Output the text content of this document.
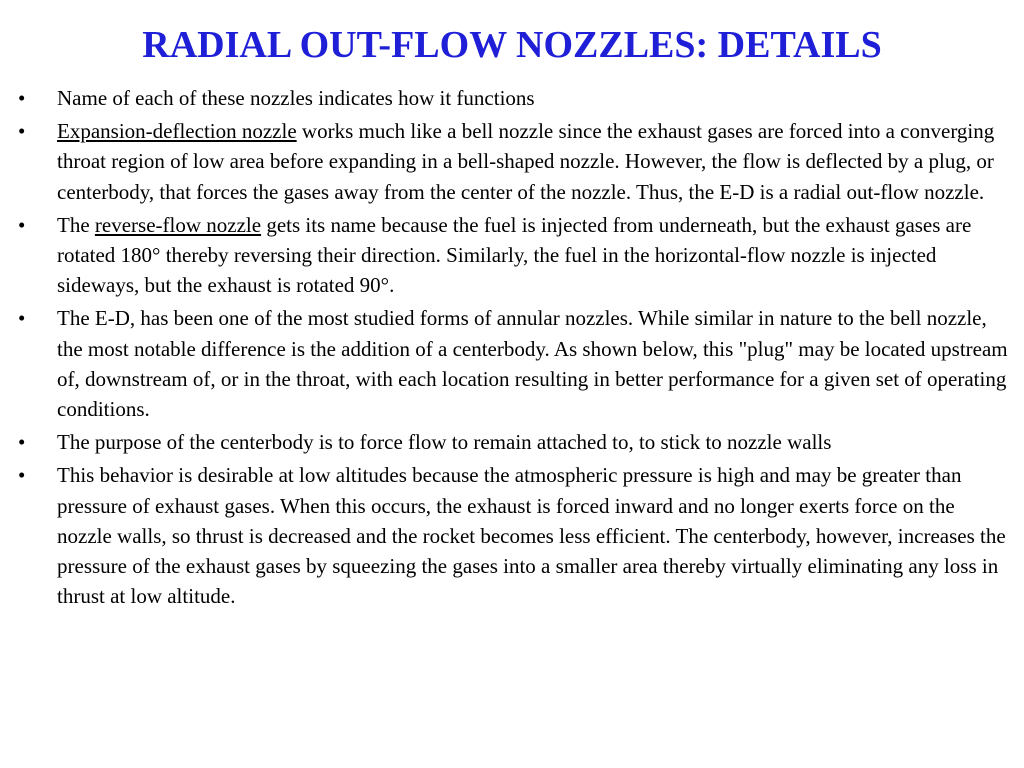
RADIAL OUT-FLOW NOZZLES: DETAILS
• Name of each of these nozzles indicates how it functions
• Expansion-deflection nozzle works much like a bell nozzle since the exhaust gases are forced into a converging throat region of low area before expanding in a bell-shaped nozzle. However, the flow is deflected by a plug, or centerbody, that forces the gases away from the center of the nozzle. Thus, the E-D is a radial out-flow nozzle.
• The reverse-flow nozzle gets its name because the fuel is injected from underneath, but the exhaust gases are rotated 180° thereby reversing their direction. Similarly, the fuel in the horizontal-flow nozzle is injected sideways, but the exhaust is rotated 90°.
• The E-D, has been one of the most studied forms of annular nozzles. While similar in nature to the bell nozzle, the most notable difference is the addition of a centerbody. As shown below, this "plug" may be located upstream of, downstream of, or in the throat, with each location resulting in better performance for a given set of operating conditions.
• The purpose of the centerbody is to force flow to remain attached to, to stick to nozzle walls
• This behavior is desirable at low altitudes because the atmospheric pressure is high and may be greater than pressure of exhaust gases. When this occurs, the exhaust is forced inward and no longer exerts force on the nozzle walls, so thrust is decreased and the rocket becomes less efficient. The centerbody, however, increases the pressure of the exhaust gases by squeezing the gases into a smaller area thereby virtually eliminating any loss in thrust at low altitude.
